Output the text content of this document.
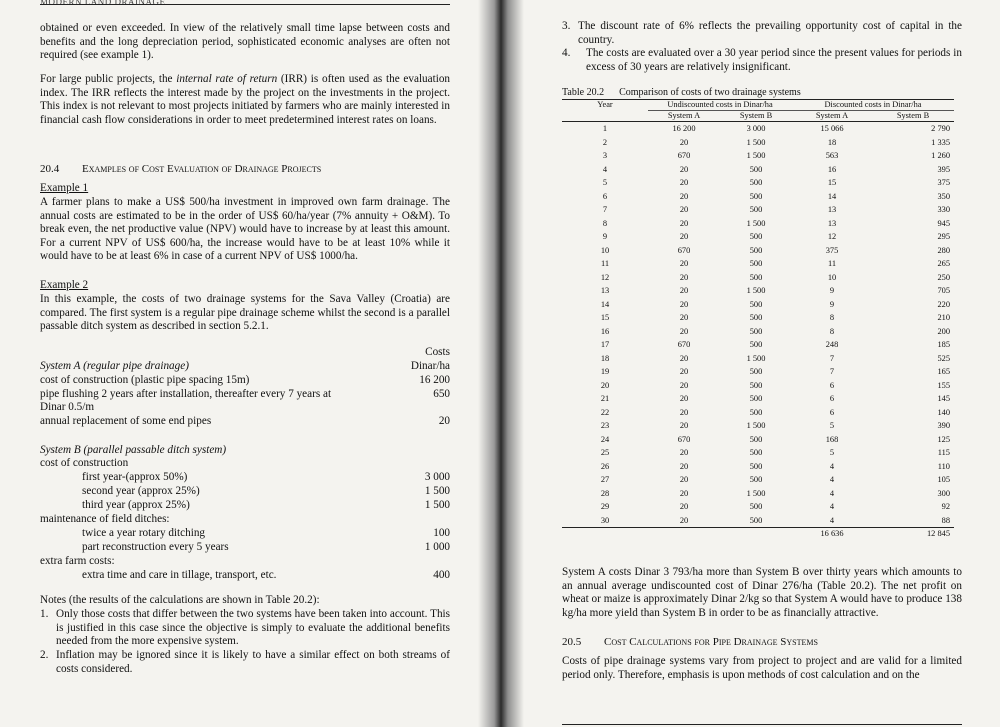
obtained or even exceeded. In view of the relatively small time lapse between costs and benefits and the long depreciation period, sophisticated economic analyses are often not required (see example 1).

For large public projects, the internal rate of return (IRR) is often used as the evaluation index. The IRR reflects the interest made by the project on the investments in the project. This index is not relevant to most projects initiated by farmers who are mainly interested in financial cash flow considerations in order to meet predetermined interest rates on loans.

20.4 Examples of Cost Evaluation of Drainage Projects
Example 1

A farmer plans to make a US$ 500/ha investment in improved own farm drainage. The annual costs are estimated to be in the order of US$ 60/ha/year (7% annuity + O&M). To break even, the net productive value (NPV) would have to increase by at least this amount. For a current NPV of US$ 600/ha, the increase would have to be at least 10% while it would have to be at least 6% in case of a current NPV of US$ 1000/ha.

Example 2

In this example, the costs of two drainage systems for the Sava Valley (Croatia) are compared. The first system is a regular pipe drainage scheme whilst the second is a parallel passable ditch system as described in section 5.2.1.

Costs
System A (regular pipe drainage)	Dinar/ha
cost of construction (plastic pipe spacing 15m)	16 200
pipe flushing 2 years after installation, thereafter every 7 years at	650
Dinar 0.5/m
annual replacement of some end pipes	20
System B (parallel passable ditch system)
cost of construction
first year-(approx 50%)	3 000
second year (approx 25%)	1 500
third year (approx 25%)	1 500
maintenance of field ditches:
twice a year rotary ditching	100
part reconstruction every 5 years	1 000
extra farm costs:
extra time and care in tillage, transport, etc.	400
Notes (the results of the calculations are shown in Table 20.2):
1. Only those costs that differ between the two systems have been taken into account. This is justified in this case since the objective is simply to evaluate the additional benefits needed from the more expensive system.

2. Inflation may be ignored since it is likely to have a similar effect on both streams of costs considered.

3. The discount rate of 6% reflects the prevailing opportunity cost of capital in the country.

4. The costs are evaluated over a 30 year period since the present values for periods in excess of 30 years are relatively insignificant.

Table 20.2 Comparison of costs of two drainage systems
Year	Undiscounted costs in Dinar/ha		Discounted costs in Dinar/ha	
	System A	System B	System A	System B
1	16 200	3 000	15 066	2 790
2	20	1 500	18	1 335
3	670	1 500	563	1 260
4	20	500	16	395
5	20	500	15	375
6	20	500	14	350
7	20	500	13	330
8	20	1 500	13	945
9	20	500	12	295
10	670	500	375	280
11	20	500	11	265
12	20	500	10	250
13	20	1 500	9	705
14	20	500	9	220
15	20	500	8	210
16	20	500	8	200
17	670	500	248	185
18	20	1 500	7	525
19	20	500	7	165
20	20	500	6	155
21	20	500	6	145
22	20	500	6	140
23	20	1 500	5	390
24	670	500	168	125
25	20	500	5	115
26	20	500	4	110
27	20	500	4	105
28	20	1 500	4	300
29	20	500	4	92
30	20	500	4	88
			16 636	12 845

System A costs Dinar 3 793/ha more than System B over thirty years which amounts to an annual average undiscounted cost of Dinar 276/ha (Table 20.2). The net profit on wheat or maize is approximately Dinar 2/kg so that System A would have to produce 138 kg/ha more yield than System B in order to be as financially attractive.

20.5 Cost Calculations for Pipe Drainage Systems

Costs of pipe drainage systems vary from project to project and are valid for a limited period only. Therefore, emphasis is upon methods of cost calculation and on the
